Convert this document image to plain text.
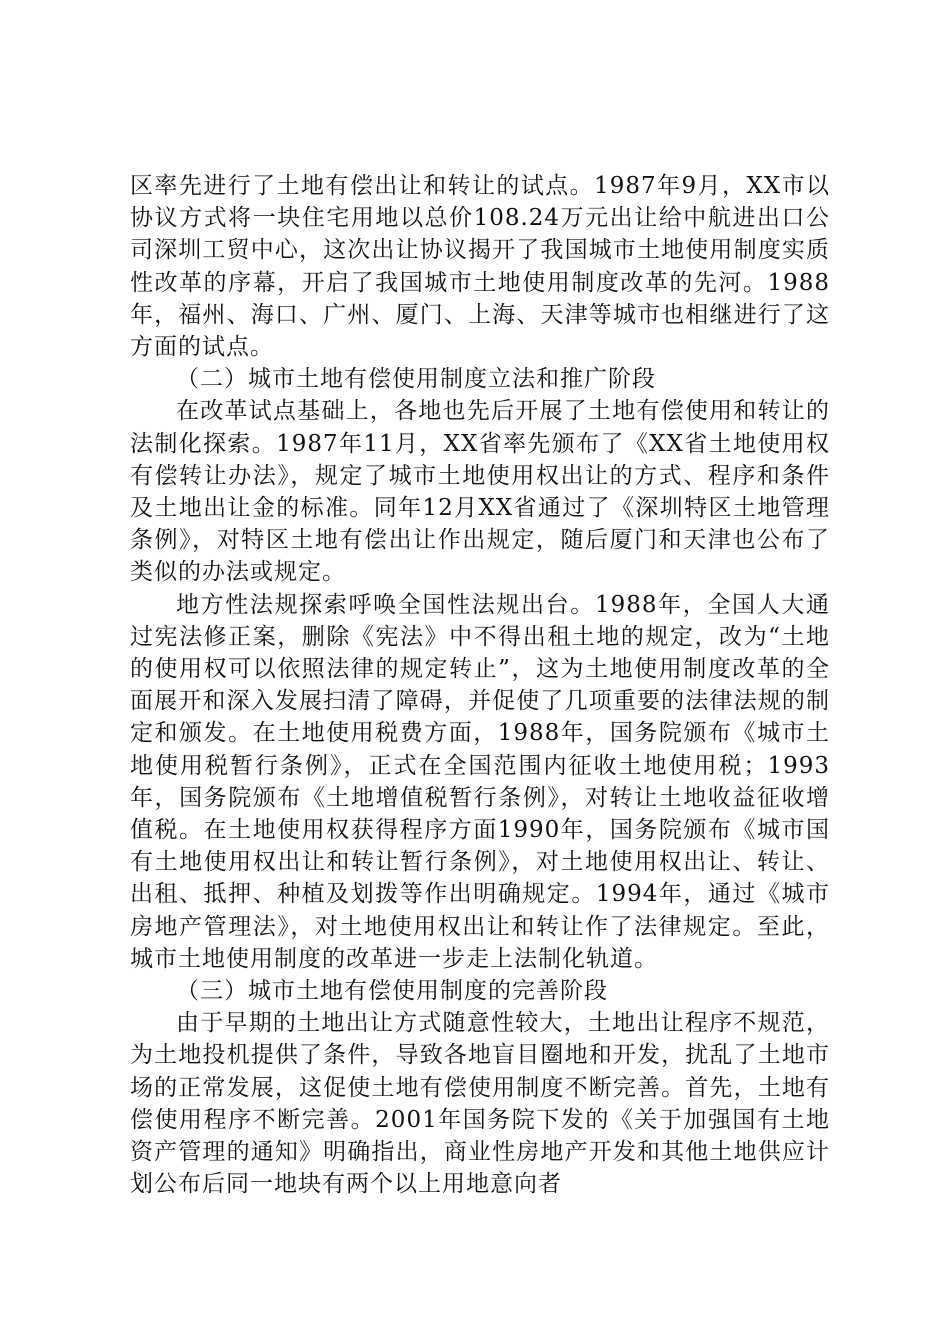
区率先进行了土地有偿出让和转让的试点。1987年9月，XX市以协议方式将一块住宅用地以总价108.24万元出让给中航进出口公司深圳工贸中心，这次出让协议揭开了我国城市土地使用制度实质性改革的序幕，开启了我国城市土地使用制度改革的先河。1988年，福州、海口、广州、厦门、上海、天津等城市也相继进行了这方面的试点。

（二）城市土地有偿使用制度立法和推广阶段

在改革试点基础上，各地也先后开展了土地有偿使用和转让的法制化探索。1987年11月，XX省率先颁布了《XX省土地使用权有偿转让办法》，规定了城市土地使用权出让的方式、程序和条件及土地出让金的标准。同年12月XX省通过了《深圳特区土地管理条例》，对特区土地有偿出让作出规定，随后厦门和天津也公布了类似的办法或规定。

地方性法规探索呼唤全国性法规出台。1988年，全国人大通过宪法修正案，删除《宪法》中不得出租土地的规定，改为“土地的使用权可以依照法律的规定转止”，这为土地使用制度改革的全面展开和深入发展扫清了障碍，并促使了几项重要的法律法规的制定和颁发。在土地使用税费方面，1988年，国务院颁布《城市土地使用税暂行条例》，正式在全国范围内征收土地使用税；1993年，国务院颁布《土地增值税暂行条例》，对转让土地收益征收增值税。在土地使用权获得程序方面1990年，国务院颁布《城市国有土地使用权出让和转让暂行条例》，对土地使用权出让、转让、出租、抵押、种植及划拨等作出明确规定。1994年，通过《城市房地产管理法》，对土地使用权出让和转让作了法律规定。至此，城市土地使用制度的改革进一步走上法制化轨道。

（三）城市土地有偿使用制度的完善阶段

由于早期的土地出让方式随意性较大，土地出让程序不规范，为土地投机提供了条件，导致各地盲目圈地和开发，扰乱了土地市场的正常发展，这促使土地有偿使用制度不断完善。首先，土地有偿使用程序不断完善。2001年国务院下发的《关于加强国有土地资产管理的通知》明确指出，商业性房地产开发和其他土地供应计划公布后同一地块有两个以上用地意向者
